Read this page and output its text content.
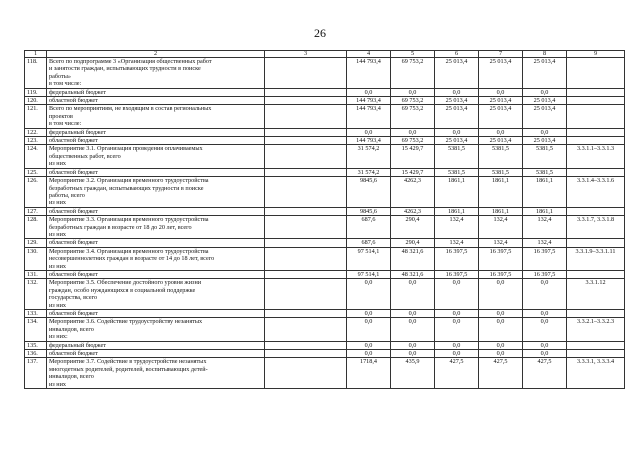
26
1	2	3	4	5	6	7	8	9
118.	Всего по подпрограмме 3 «Организация общественных работ
и занятости граждан, испытывающих трудности в поиске
работы»
в том числе:		144 793,4	69 753,2	25 013,4	25 013,4	25 013,4	
119.	федеральный бюджет		0,0	0,0	0,0	0,0	0,0	
120.	областной бюджет		144 793,4	69 753,2	25 013,4	25 013,4	25 013,4	
121.	Всего по мероприятиям, не входящим в состав региональных
проектов
в том числе:		144 793,4	69 753,2	25 013,4	25 013,4	25 013,4	
122.	федеральный бюджет		0,0	0,0	0,0	0,0	0,0	
123.	областной бюджет		144 793,4	69 753,2	25 013,4	25 013,4	25 013,4	
124.	Мероприятие 3.1. Организация проведения оплачиваемых
общественных работ, всего
из них		31 574,2	15 429,7	5381,5	5381,5	5381,5	3.3.1.1–3.3.1.3
125.	областной бюджет		31 574,2	15 429,7	5381,5	5381,5	5381,5	
126.	Мероприятие 3.2. Организация временного трудоустройства
безработных граждан, испытывающих трудности в поиске
работы, всего
из них		9845,6	4262,3	1861,1	1861,1	1861,1	3.3.1.4–3.3.1.6
127.	областной бюджет		9845,6	4262,3	1861,1	1861,1	1861,1	
128.	Мероприятие 3.3. Организация временного трудоустройства
безработных граждан в возрасте от 18 до 20 лет, всего
из них		687,6	290,4	132,4	132,4	132,4	3.3.1.7, 3.3.1.8
129.	областной бюджет		687,6	290,4	132,4	132,4	132,4	
130.	Мероприятие 3.4. Организация временного трудоустройства
несовершеннолетних граждан в возрасте от 14 до 18 лет, всего
из них		97 514,1	48 321,6	16 397,5	16 397,5	16 397,5	3.3.1.9–3.3.1.11
131.	областной бюджет		97 514,1	48 321,6	16 397,5	16 397,5	16 397,5	
132.	Мероприятие 3.5. Обеспечение достойного уровня жизни
граждан, особо нуждающихся в социальной поддержке
государства, всего
из них		0,0	0,0	0,0	0,0	0,0	3.3.1.12
133.	областной бюджет		0,0	0,0	0,0	0,0	0,0	
134.	Мероприятие 3.6. Содействие трудоустройству незанятых
инвалидов, всего
из них:		0,0	0,0	0,0	0,0	0,0	3.3.2.1–3.3.2.3
135.	федеральный бюджет		0,0	0,0	0,0	0,0	0,0	
136.	областной бюджет		0,0	0,0	0,0	0,0	0,0	
137.	Мероприятие 3.7. Содействие в трудоустройстве незанятых
многодетных родителей, родителей, воспитывающих детей-
инвалидов, всего
из них		1718,4	435,9	427,5	427,5	427,5	3.3.3.1, 3.3.3.4
